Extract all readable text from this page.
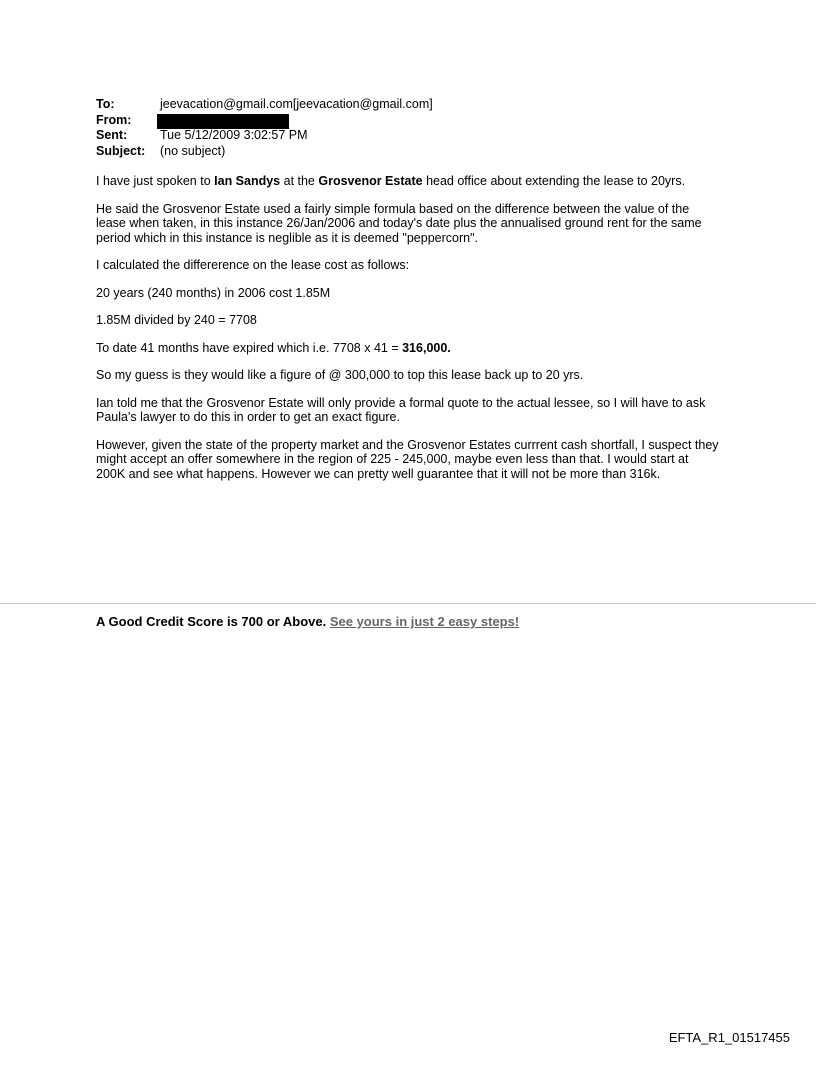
To:	jeevacation@gmail.com[jeevacation@gmail.com]
From:
Sent:	Tue 5/12/2009 3:02:57 PM
Subject: (no subject)

I have just spoken to Ian Sandys at the Grosvenor Estate head office about extending the lease to 20yrs.

He said the Grosvenor Estate used a fairly simple formula based on the difference between the value of the lease when taken, in this instance 26/Jan/2006 and today's date plus the annualised ground rent for the same period which in this instance is neglible as it is deemed "peppercorn".

I calculated the differerence on the lease cost as follows:

20 years (240 months) in 2006 cost 1.85M

1.85M divided by 240 = 7708

To date 41 months have expired which i.e. 7708 x 41 = 316,000.

So my guess is they would like a figure of @ 300,000 to top this lease back up to 20 yrs.

Ian told me that the Grosvenor Estate will only provide a formal quote to the actual lessee, so I will have to ask Paula's lawyer to do this in order to get an exact figure.

However, given the state of the property market and the Grosvenor Estates currrent cash shortfall, I suspect they might accept an offer somewhere in the region of 225 - 245,000, maybe even less than that. I would start at 200K and see what happens. However we can pretty well guarantee that it will not be more than 316k.

A Good Credit Score is 700 or Above. See yours in just 2 easy steps!
EFTA_R1_01517455
